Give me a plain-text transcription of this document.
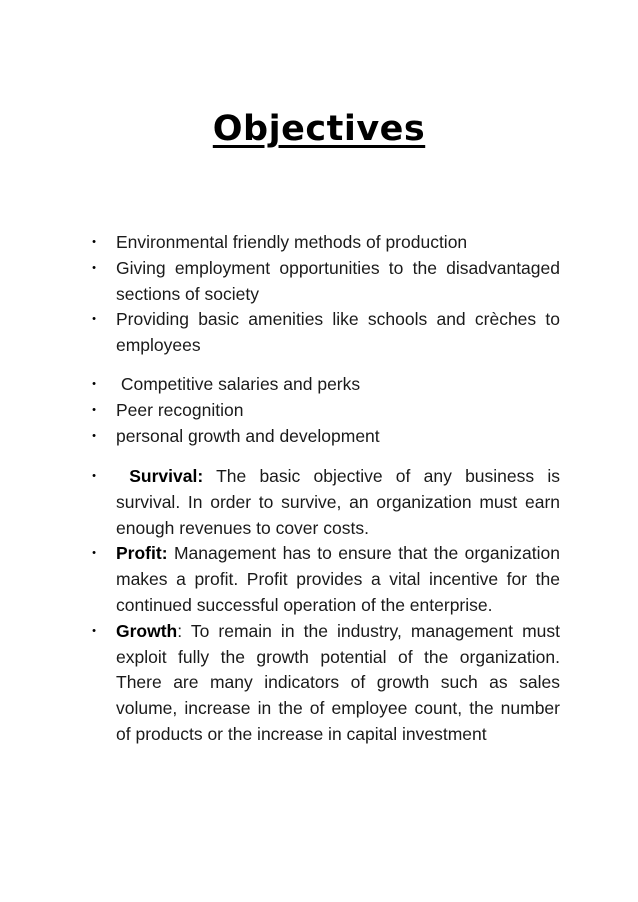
Objectives
• Environmental friendly methods of production
• Giving employment opportunities to the disadvantaged sections of society
• Providing basic amenities like schools and crèches to employees
• Competitive salaries and perks
• Peer recognition
• personal growth and development
• Survival: The basic objective of any business is survival. In order to survive, an organization must earn enough revenues to cover costs.
• Profit: Management has to ensure that the organization makes a profit. Profit provides a vital incentive for the continued successful operation of the enterprise.
• Growth: To remain in the industry, management must exploit fully the growth potential of the organization. There are many indicators of growth such as sales volume, increase in the of employee count, the number of products or the increase in capital investment
